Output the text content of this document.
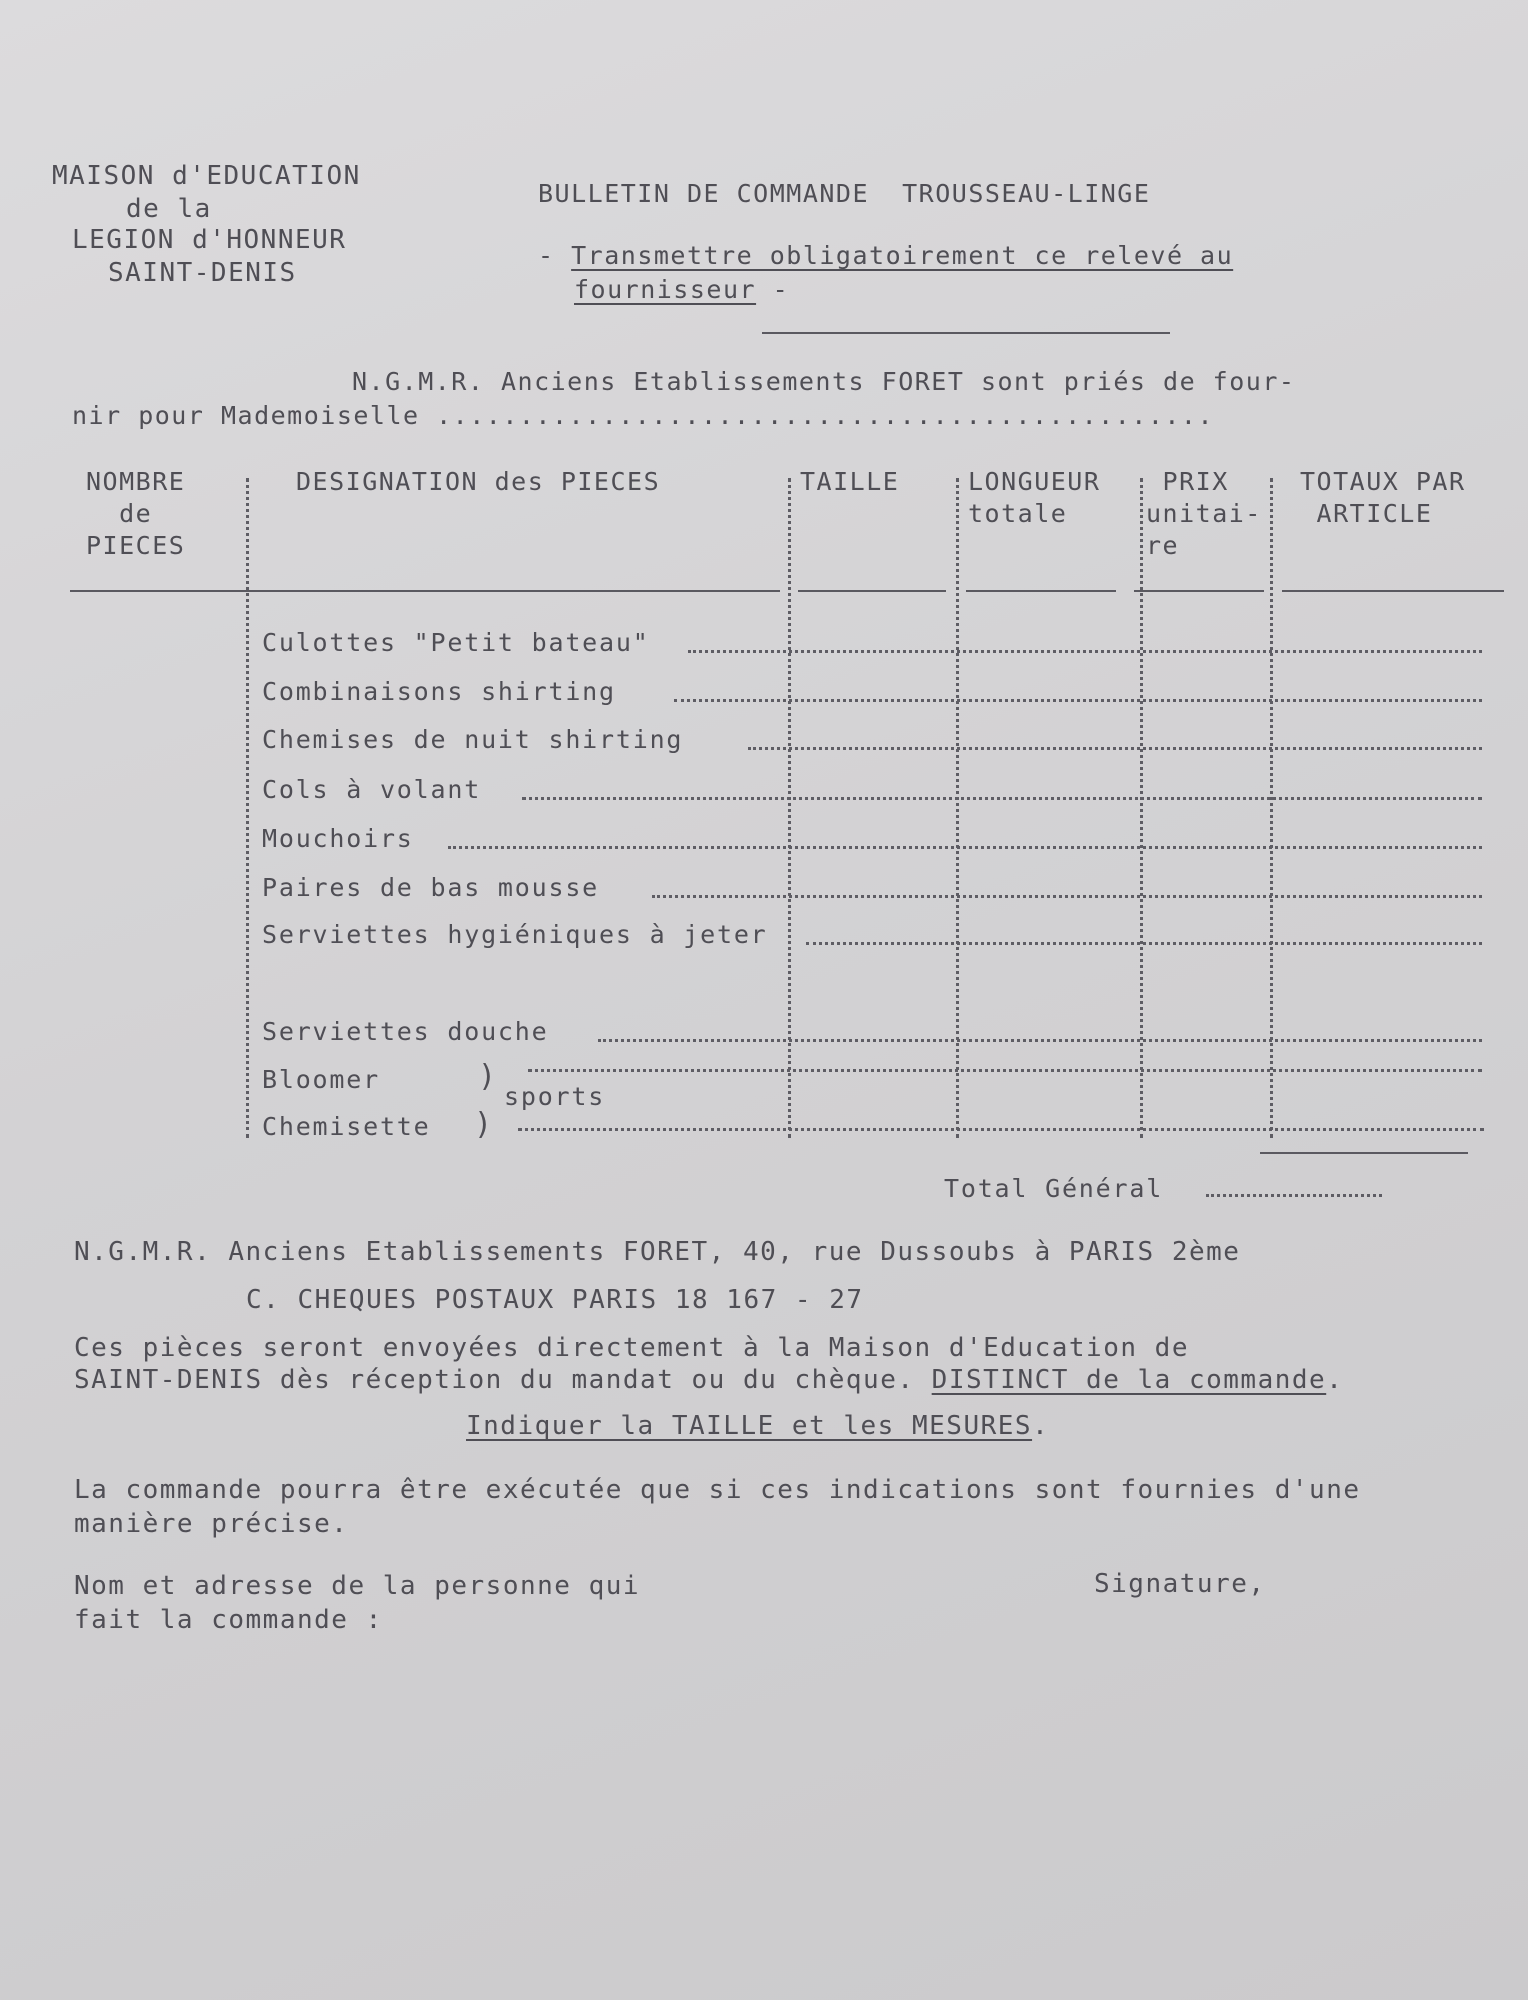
MAISON d'EDUCATION
de la
LEGION d'HONNEUR
SAINT-DENIS
BULLETIN DE COMMANDE  TROUSSEAU-LINGE
- Transmettre obligatoirement ce relevé au
fournisseur -
N.G.M.R. Anciens Etablissements FORET sont priés de four-
nir pour Mademoiselle ...............................................
NOMBRE
de
PIECES
DESIGNATION des PIECES	TAILLE	LONGUEUR
totale
PRIX
unitai-
re
TOTAUX PAR
ARTICLE
Culottes "Petit bateau"
Combinaisons shirting
Chemises de nuit shirting
Cols à volant
Mouchoirs
Paires de bas mousse
Serviettes hygiéniques à jeter
Serviettes douche
Bloomer
Chemisette
)
)
sports
Total Général
N.G.M.R. Anciens Etablissements FORET, 40, rue Dussoubs à PARIS 2ème
C. CHEQUES POSTAUX PARIS 18 167 - 27
Ces pièces seront envoyées directement à la Maison d'Education de
SAINT-DENIS dès réception du mandat ou du chèque. DISTINCT de la commande.
Indiquer la TAILLE et les MESURES.
La commande pourra être exécutée que si ces indications sont fournies d'une
manière précise.
Nom et adresse de la personne qui
fait la commande :
Signature,
